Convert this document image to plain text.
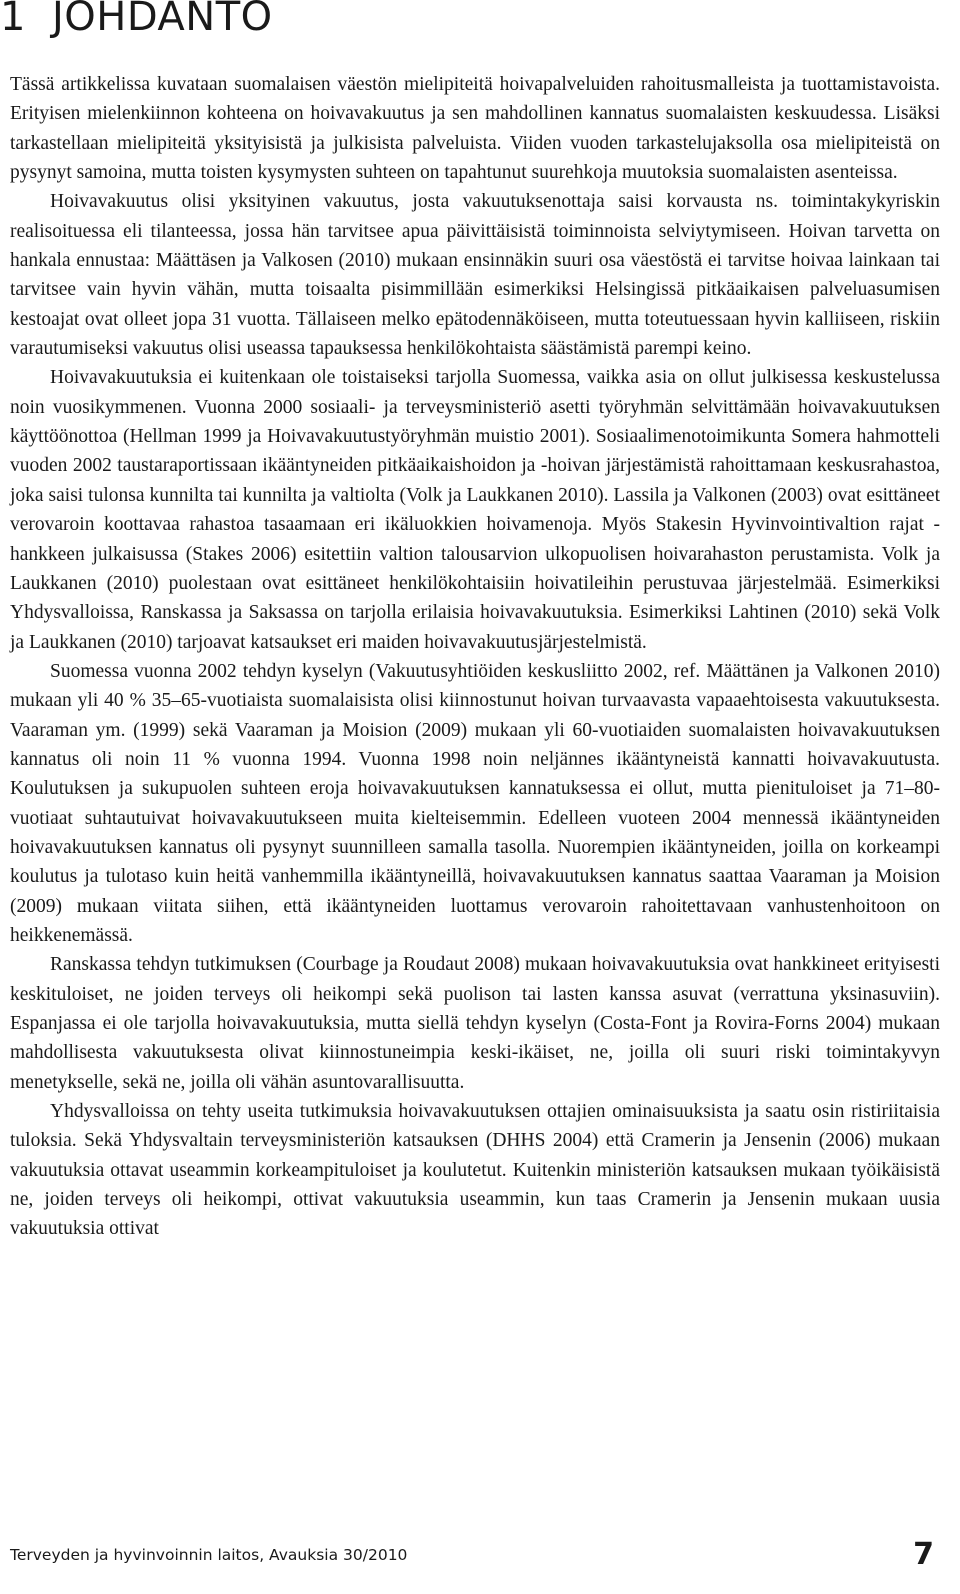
1 JOHDANTO

Tässä artikkelissa kuvataan suomalaisen väestön mielipiteitä hoivapalveluiden rahoitusmalleista ja tuottamistavoista. Erityisen mielenkiinnon kohteena on hoivavakuutus ja sen mahdollinen kannatus suomalaisten keskuudessa. Lisäksi tarkastellaan mielipiteitä yksityisistä ja julkisista palveluista. Viiden vuoden tarkastelujaksolla osa mielipiteistä on pysynyt samoina, mutta toisten kysymysten suhteen on tapahtunut suurehkoja muutoksia suomalaisten asenteissa.

Hoivavakuutus olisi yksityinen vakuutus, josta vakuutuksenottaja saisi korvausta ns. toimintakykyriskin realisoituessa eli tilanteessa, jossa hän tarvitsee apua päivittäisistä toiminnoista selviytymiseen. Hoivan tarvetta on hankala ennustaa: Määttäsen ja Valkosen (2010) mukaan ensinnäkin suuri osa väestöstä ei tarvitse hoivaa lainkaan tai tarvitsee vain hyvin vähän, mutta toisaalta pisimmillään esimerkiksi Helsingissä pitkäaikaisen palveluasumisen kestoajat ovat olleet jopa 31 vuotta. Tällaiseen melko epätodennäköiseen, mutta toteutuessaan hyvin kalliiseen, riskiin varautumiseksi vakuutus olisi useassa tapauksessa henkilökohtaista säästämistä parempi keino.

Hoivavakuutuksia ei kuitenkaan ole toistaiseksi tarjolla Suomessa, vaikka asia on ollut julkisessa keskustelussa noin vuosikymmenen. Vuonna 2000 sosiaali- ja terveysministeriö asetti työryhmän selvittämään hoivavakuutuksen käyttöönottoa (Hellman 1999 ja Hoivavakuutustyöryhmän muistio 2001). Sosiaalimenotoimikunta Somera hahmotteli vuoden 2002 taustaraportissaan ikääntyneiden pitkäaikaishoidon ja -hoivan järjestämistä rahoittamaan keskusrahastoa, joka saisi tulonsa kunnilta tai kunnilta ja valtiolta (Volk ja Laukkanen 2010). Lassila ja Valkonen (2003) ovat esittäneet verovaroin koottavaa rahastoa tasaamaan eri ikäluokkien hoivamenoja. Myös Stakesin Hyvinvointivaltion rajat -hankkeen julkaisussa (Stakes 2006) esitettiin valtion talousarvion ulkopuolisen hoivarahaston perustamista. Volk ja Laukkanen (2010) puolestaan ovat esittäneet henkilökohtaisiin hoivatileihin perustuvaa järjestelmää. Esimerkiksi Yhdysvalloissa, Ranskassa ja Saksassa on tarjolla erilaisia hoivavakuutuksia. Esimerkiksi Lahtinen (2010) sekä Volk ja Laukkanen (2010) tarjoavat katsaukset eri maiden hoivavakuutusjärjestelmistä.

Suomessa vuonna 2002 tehdyn kyselyn (Vakuutusyhtiöiden keskusliitto 2002, ref. Määttänen ja Valkonen 2010) mukaan yli 40 % 35–65-vuotiaista suomalaisista olisi kiinnostunut hoivan turvaavasta vapaaehtoisesta vakuutuksesta. Vaaraman ym. (1999) sekä Vaaraman ja Moision (2009) mukaan yli 60-vuotiaiden suomalaisten hoivavakuutuksen kannatus oli noin 11 % vuonna 1994. Vuonna 1998 noin neljännes ikääntyneistä kannatti hoivavakuutusta. Koulutuksen ja sukupuolen suhteen eroja hoivavakuutuksen kannatuksessa ei ollut, mutta pienituloiset ja 71–80-vuotiaat suhtautuivat hoivavakuutukseen muita kielteisemmin. Edelleen vuoteen 2004 mennessä ikääntyneiden hoivavakuutuksen kannatus oli pysynyt suunnilleen samalla tasolla. Nuorempien ikääntyneiden, joilla on korkeampi koulutus ja tulotaso kuin heitä vanhemmilla ikääntyneillä, hoivavakuutuksen kannatus saattaa Vaaraman ja Moision (2009) mukaan viitata siihen, että ikääntyneiden luottamus verovaroin rahoitettavaan vanhustenhoitoon on heikkenemässä.

Ranskassa tehdyn tutkimuksen (Courbage ja Roudaut 2008) mukaan hoivavakuutuksia ovat hankkineet erityisesti keskituloiset, ne joiden terveys oli heikompi sekä puolison tai lasten kanssa asuvat (verrattuna yksinasuviin). Espanjassa ei ole tarjolla hoivavakuutuksia, mutta siellä tehdyn kyselyn (Costa-Font ja Rovira-Forns 2004) mukaan mahdollisesta vakuutuksesta olivat kiinnostuneimpia keski-ikäiset, ne, joilla oli suuri riski toimintakyvyn menetykselle, sekä ne, joilla oli vähän asuntovarallisuutta.

Yhdysvalloissa on tehty useita tutkimuksia hoivavakuutuksen ottajien ominaisuuksista ja saatu osin ristiriitaisia tuloksia. Sekä Yhdysvaltain terveysministeriön katsauksen (DHHS 2004) että Cramerin ja Jensenin (2006) mukaan vakuutuksia ottavat useammin korkeampituloiset ja koulutetut. Kuitenkin ministeriön katsauksen mukaan työikäisistä ne, joiden terveys oli heikompi, ottivat vakuutuksia useammin, kun taas Cramerin ja Jensenin mukaan uusia vakuutuksia ottivat

Terveyden ja hyvinvoinnin laitos, Avauksia 30/2010	7
